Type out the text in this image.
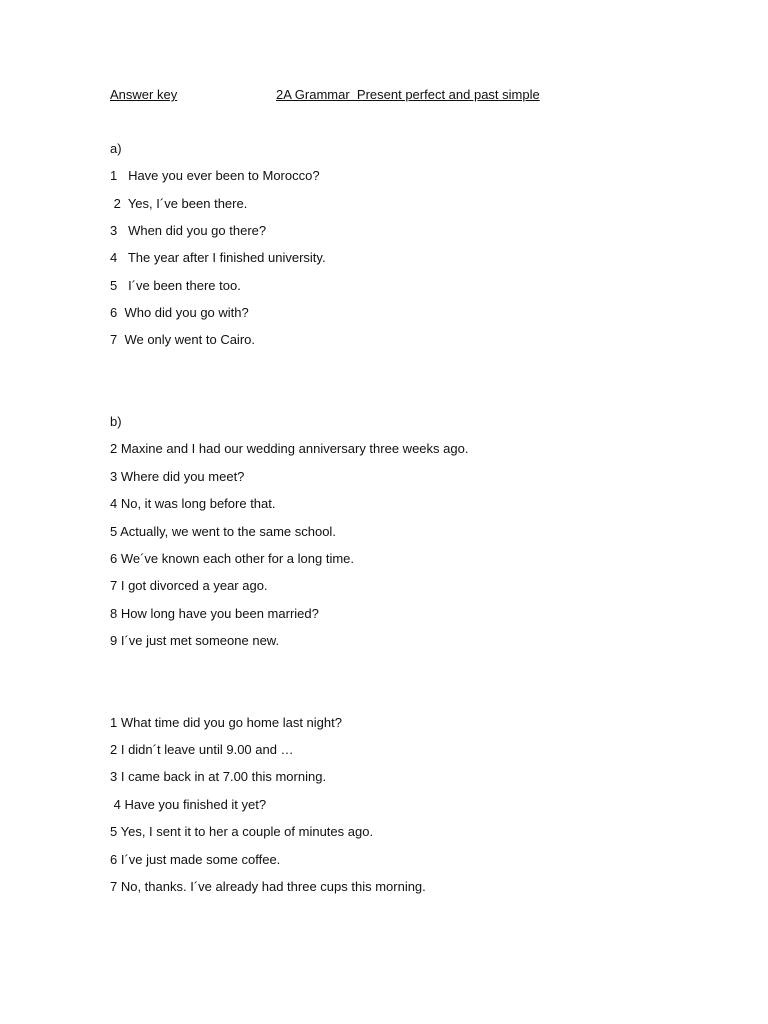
Answer key	2A Grammar  Present perfect and past simple
a)
1   Have you ever been to Morocco?
2  Yes, I´ve been there.
3   When did you go there?
4   The year after I finished university.
5   I´ve been there too.
6  Who did you go with?
7  We only went to Cairo.
b)
2 Maxine and I had our wedding anniversary three weeks ago.
3 Where did you meet?
4 No, it was long before that.
5 Actually, we went to the same school.
6 We´ve known each other for a long time.
7 I got divorced a year ago.
8 How long have you been married?
9 I´ve just met someone new.
1 What time did you go home last night?
2 I didn´t leave until 9.00 and …
3 I came back in at 7.00 this morning.
4 Have you finished it yet?
5 Yes, I sent it to her a couple of minutes ago.
6 I´ve just made some coffee.
7 No, thanks. I´ve already had three cups this morning.
